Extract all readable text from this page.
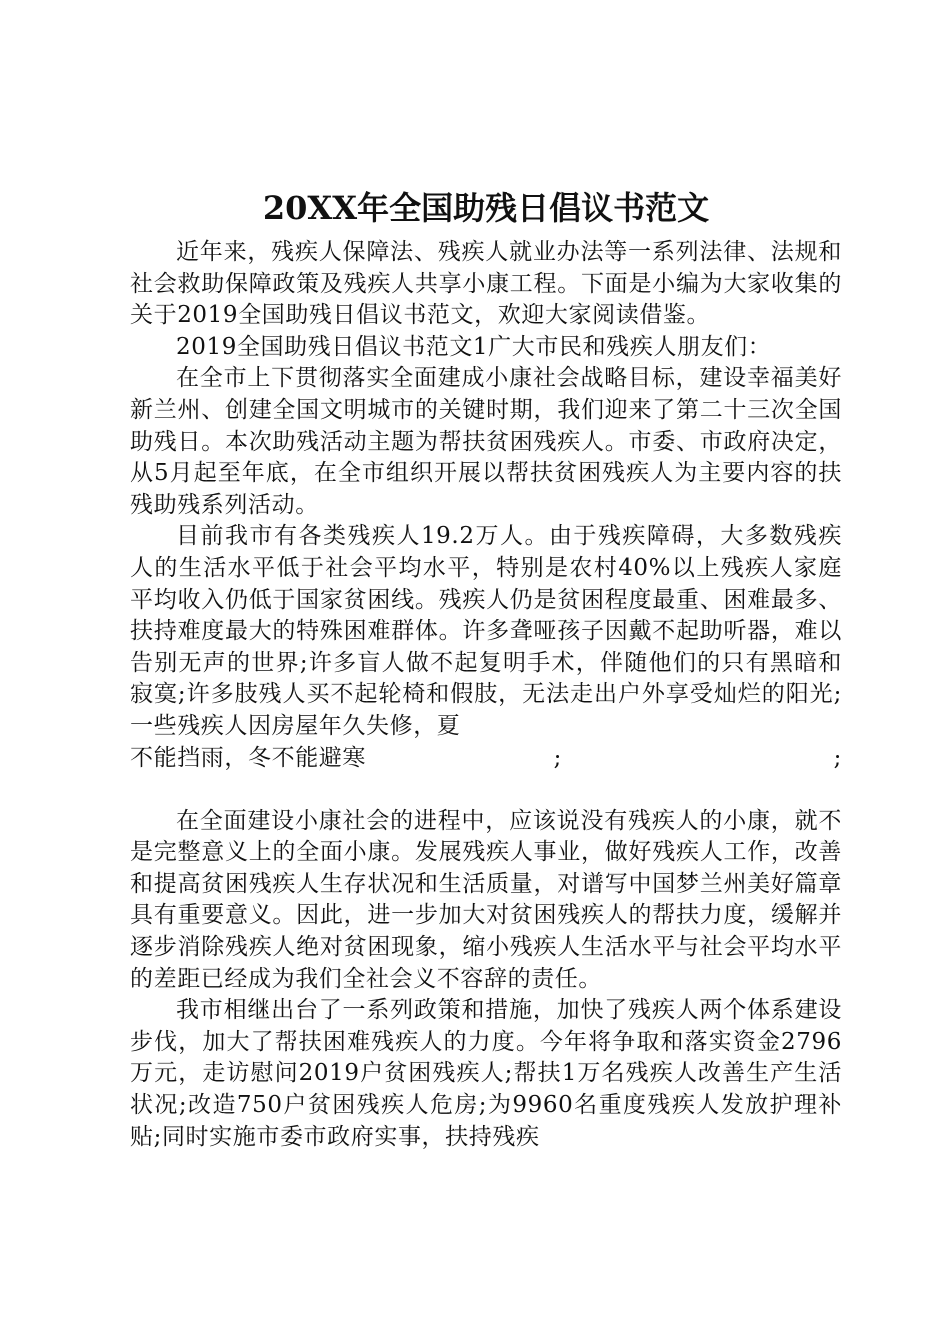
20XX年全国助残日倡议书范文

近年来，残疾人保障法、残疾人就业办法等一系列法律、法规和社会救助保障政策及残疾人共享小康工程。下面是小编为大家收集的关于2019全国助残日倡议书范文，欢迎大家阅读借鉴。

2019全国助残日倡议书范文1广大市民和残疾人朋友们：

在全市上下贯彻落实全面建成小康社会战略目标，建设幸福美好新兰州、创建全国文明城市的关键时期，我们迎来了第二十三次全国助残日。本次助残活动主题为帮扶贫困残疾人。市委、市政府决定，从5月起至年底，在全市组织开展以帮扶贫困残疾人为主要内容的扶残助残系列活动。

目前我市有各类残疾人19.2万人。由于残疾障碍，大多数残疾人的生活水平低于社会平均水平，特别是农村40%以上残疾人家庭平均收入仍低于国家贫困线。残疾人仍是贫困程度最重、困难最多、扶持难度最大的特殊困难群体。许多聋哑孩子因戴不起助听器，难以告别无声的世界;许多盲人做不起复明手术，伴随他们的只有黑暗和寂寞;许多肢残人买不起轮椅和假肢，无法走出户外享受灿烂的阳光;一些残疾人因房屋年久失修，夏

不能挡雨，冬不能避寒	;	;

在全面建设小康社会的进程中，应该说没有残疾人的小康，就不是完整意义上的全面小康。发展残疾人事业，做好残疾人工作，改善和提高贫困残疾人生存状况和生活质量，对谱写中国梦兰州美好篇章具有重要意义。因此，进一步加大对贫困残疾人的帮扶力度，缓解并逐步消除残疾人绝对贫困现象，缩小残疾人生活水平与社会平均水平的差距已经成为我们全社会义不容辞的责任。

我市相继出台了一系列政策和措施，加快了残疾人两个体系建设步伐，加大了帮扶困难残疾人的力度。今年将争取和落实资金2796万元，走访慰问2019户贫困残疾人;帮扶1万名残疾人改善生产生活状况;改造750户贫困残疾人危房;为9960名重度残疾人发放护理补贴;同时实施市委市政府实事，扶持残疾
